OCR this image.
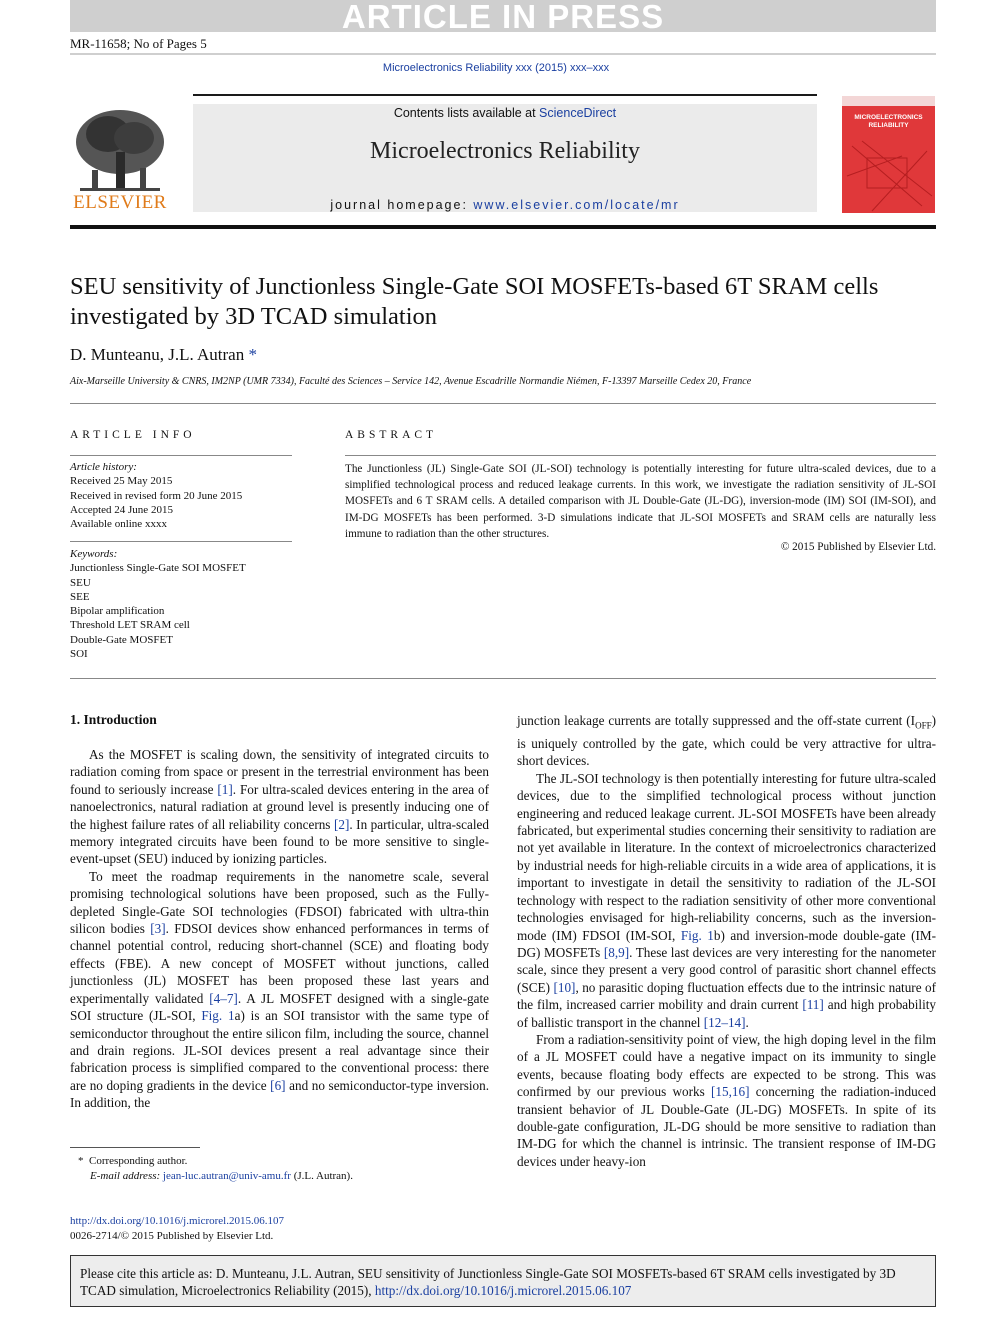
ARTICLE IN PRESS
MR-11658; No of Pages 5
Microelectronics Reliability xxx (2015) xxx–xxx
ELSEVIER
Contents lists available at ScienceDirect
Microelectronics Reliability
journal homepage: www.elsevier.com/locate/mr
MICROELECTRONICS RELIABILITY
SEU sensitivity of Junctionless Single-Gate SOI MOSFETs-based 6T SRAM cells investigated by 3D TCAD simulation
D. Munteanu, J.L. Autran *
Aix-Marseille University & CNRS, IM2NP (UMR 7334), Faculté des Sciences – Service 142, Avenue Escadrille Normandie Niémen, F-13397 Marseille Cedex 20, France
ARTICLE INFO
Article history:
Received 25 May 2015
Received in revised form 20 June 2015
Accepted 24 June 2015
Available online xxxx
Keywords:
Junctionless Single-Gate SOI MOSFET
SEU
SEE
Bipolar amplification
Threshold LET SRAM cell
Double-Gate MOSFET
SOI
ABSTRACT
The Junctionless (JL) Single-Gate SOI (JL-SOI) technology is potentially interesting for future ultra-scaled devices, due to a simplified technological process and reduced leakage currents. In this work, we investigate the radiation sensitivity of JL-SOI MOSFETs and 6 T SRAM cells. A detailed comparison with JL Double-Gate (JL-DG), inversion-mode (IM) SOI (IM-SOI), and IM-DG MOSFETs has been performed. 3-D simulations indicate that JL-SOI MOSFETs and SRAM cells are naturally less immune to radiation than the other structures.
© 2015 Published by Elsevier Ltd.
1. Introduction

As the MOSFET is scaling down, the sensitivity of integrated circuits to radiation coming from space or present in the terrestrial environment has been found to seriously increase [1]. For ultra-scaled devices entering in the area of nanoelectronics, natural radiation at ground level is presently inducing one of the highest failure rates of all reliability concerns [2]. In particular, ultra-scaled memory integrated circuits have been found to be more sensitive to single-event-upset (SEU) induced by ionizing particles.

To meet the roadmap requirements in the nanometre scale, several promising technological solutions have been proposed, such as the Fully-depleted Single-Gate SOI technologies (FDSOI) fabricated with ultra-thin silicon bodies [3]. FDSOI devices show enhanced performances in terms of channel potential control, reducing short-channel (SCE) and floating body effects (FBE). A new concept of MOSFET without junctions, called junctionless (JL) MOSFET has been proposed these last years and experimentally validated [4–7]. A JL MOSFET designed with a single-gate SOI structure (JL-SOI, Fig. 1a) is an SOI transistor with the same type of semiconductor throughout the entire silicon film, including the source, channel and drain regions. JL-SOI devices present a real advantage since their fabrication process is simplified compared to the conventional process: there are no doping gradients in the device [6] and no semiconductor-type inversion. In addition, the

junction leakage currents are totally suppressed and the off-state current $(I_{OFF})$ is uniquely controlled by the gate, which could be very attractive for ultra-short devices.

The JL-SOI technology is then potentially interesting for future ultra-scaled devices, due to the simplified technological process without junction engineering and reduced leakage current. JL-SOI MOSFETs have been already fabricated, but experimental studies concerning their sensitivity to radiation are not yet available in literature. In the context of microelectronics characterized by industrial needs for high-reliable circuits in a wide area of applications, it is important to investigate in detail the sensitivity to radiation of the JL-SOI technology with respect to the radiation sensitivity of other more conventional technologies envisaged for high-reliability concerns, such as the inversion-mode (IM) FDSOI (IM-SOI, Fig. 1b) and inversion-mode double-gate (IM-DG) MOSFETs [8,9]. These last devices are very interesting for the nanometer scale, since they present a very good control of parasitic short channel effects (SCE) [10], no parasitic doping fluctuation effects due to the intrinsic nature of the film, increased carrier mobility and drain current [11] and high probability of ballistic transport in the channel [12–14].

From a radiation-sensitivity point of view, the high doping level in the film of a JL MOSFET could have a negative impact on its immunity to single events, because floating body effects are expected to be strong. This was confirmed by our previous works [15,16] concerning the radiation-induced transient behavior of JL Double-Gate (JL-DG) MOSFETs. In spite of its double-gate configuration, JL-DG should be more sensitive to radiation than IM-DG for which the channel is intrinsic. The transient response of IM-DG devices under heavy-ion

* Corresponding author.
E-mail address: jean-luc.autran@univ-amu.fr (J.L. Autran).
http://dx.doi.org/10.1016/j.microrel.2015.06.107
0026-2714/© 2015 Published by Elsevier Ltd.
Please cite this article as: D. Munteanu, J.L. Autran, SEU sensitivity of Junctionless Single-Gate SOI MOSFETs-based 6T SRAM cells investigated by 3D TCAD simulation, Microelectronics Reliability (2015), http://dx.doi.org/10.1016/j.microrel.2015.06.107
